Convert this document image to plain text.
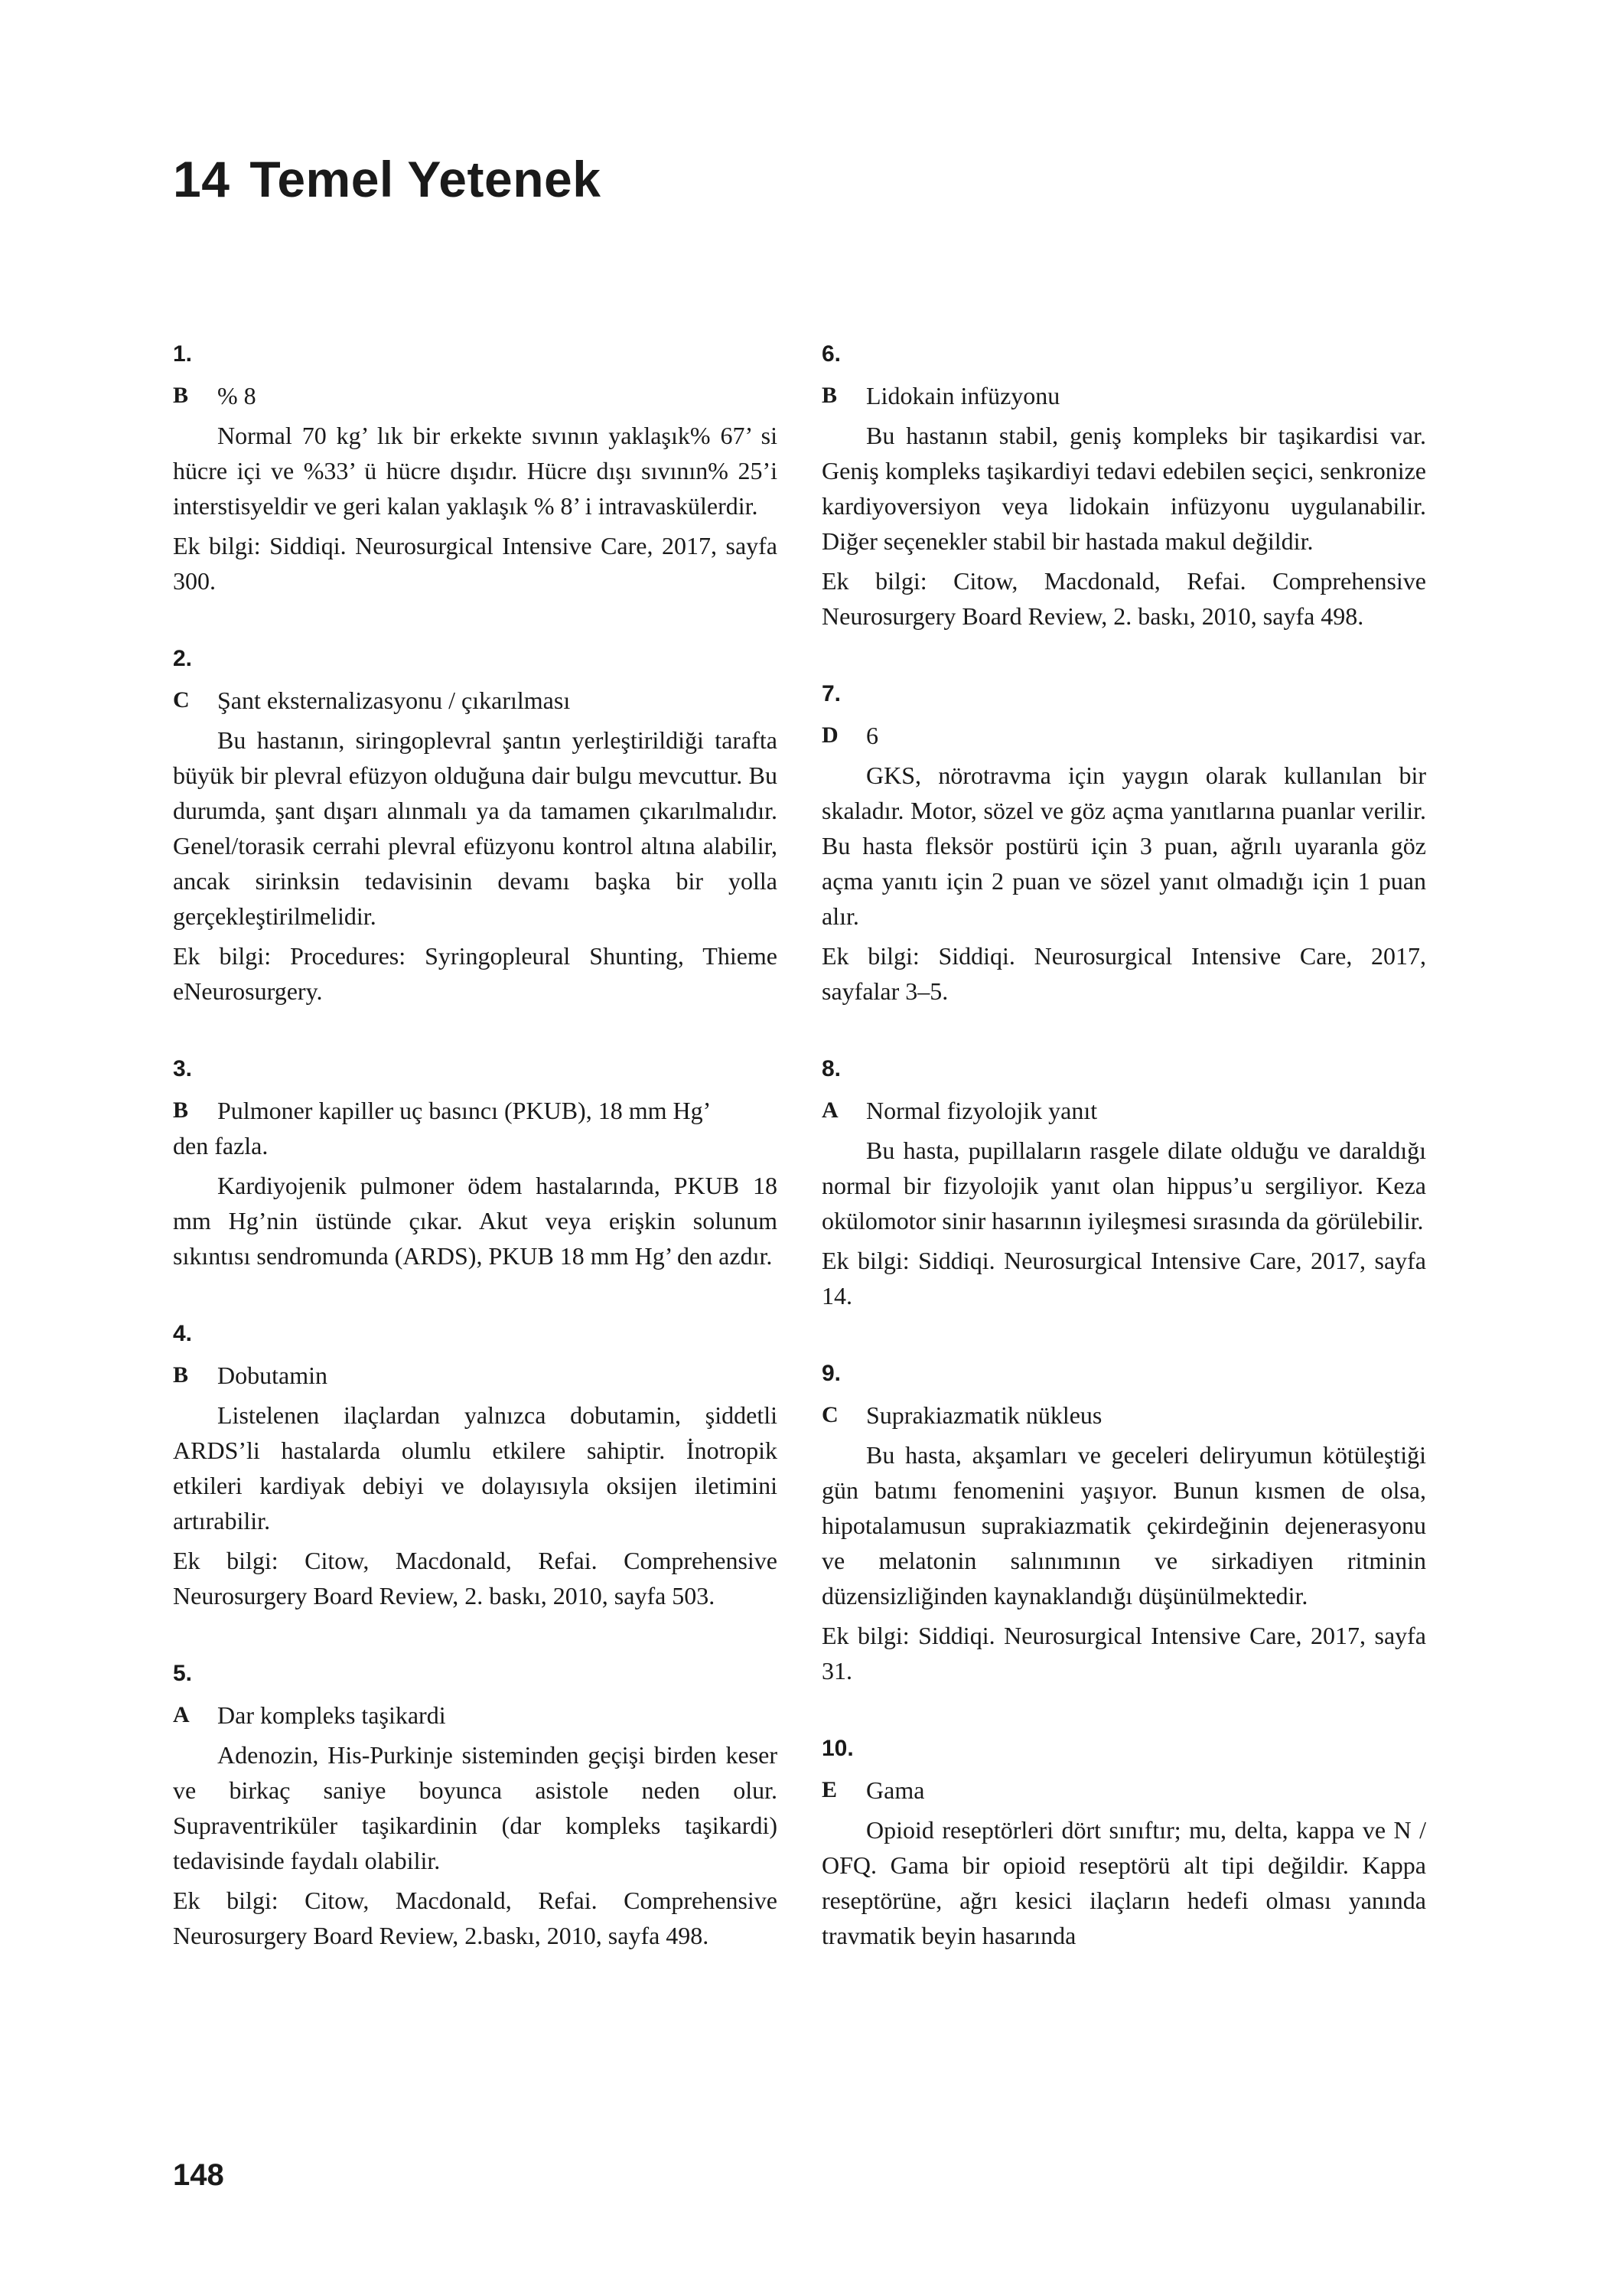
14 Temel Yetenek
1.
B % 8

Normal 70 kg’ lık bir erkekte sıvının yaklaşık% 67’ si hücre içi ve %33’ ü hücre dışıdır. Hücre dışı sıvının% 25’i interstisyeldir ve geri kalan yaklaşık % 8’ i intravaskülerdir.

Ek bilgi: Siddiqi. Neurosurgical Intensive Care, 2017, sayfa 300.

2.
C Şant eksternalizasyonu / çıkarılması

Bu hastanın, siringoplevral şantın yerleştirildiği tarafta büyük bir plevral efüzyon olduğuna dair bulgu mevcuttur. Bu durumda, şant dışarı alınmalı ya da tamamen çıkarılmalıdır. Genel/torasik cerrahi plevral efüzyonu kontrol altına alabilir, ancak sirinksin tedavisinin devamı başka bir yolla gerçekleştirilmelidir.

Ek bilgi: Procedures: Syringopleural Shunting, Thieme eNeurosurgery.

3.
B Pulmoner kapiller uç basıncı (PKUB), 18 mm Hg’
den fazla.

Kardiyojenik pulmoner ödem hastalarında, PKUB 18 mm Hg’nin üstünde çıkar. Akut veya erişkin solunum sıkıntısı sendromunda (ARDS), PKUB 18 mm Hg’ den azdır.

4.
B Dobutamin

Listelenen ilaçlardan yalnızca dobutamin, şiddetli ARDS’li hastalarda olumlu etkilere sahiptir. İnotropik etkileri kardiyak debiyi ve dolayısıyla oksijen iletimini artırabilir.

Ek bilgi: Citow, Macdonald, Refai. Comprehensive Neurosurgery Board Review, 2. baskı, 2010, sayfa 503.

5.
A Dar kompleks taşikardi

Adenozin, His-Purkinje sisteminden geçişi birden keser ve birkaç saniye boyunca asistole neden olur. Supraventriküler taşikardinin (dar kompleks taşikardi) tedavisinde faydalı olabilir.

Ek bilgi: Citow, Macdonald, Refai. Comprehensive Neurosurgery Board Review, 2.baskı, 2010, sayfa 498.

6.
B Lidokain infüzyonu

Bu hastanın stabil, geniş kompleks bir taşikardisi var. Geniş kompleks taşikardiyi tedavi edebilen seçici, senkronize kardiyoversiyon veya lidokain infüzyonu uygulanabilir. Diğer seçenekler stabil bir hastada makul değildir.

Ek bilgi: Citow, Macdonald, Refai. Comprehensive Neurosurgery Board Review, 2. baskı, 2010, sayfa 498.

7.
D 6

GKS, nörotravma için yaygın olarak kullanılan bir skaladır. Motor, sözel ve göz açma yanıtlarına puanlar verilir. Bu hasta fleksör postürü için 3 puan, ağrılı uyaranla göz açma yanıtı için 2 puan ve sözel yanıt olmadığı için 1 puan alır.

Ek bilgi: Siddiqi. Neurosurgical Intensive Care, 2017, sayfalar 3–5.

8.
A Normal fizyolojik yanıt

Bu hasta, pupillaların rasgele dilate olduğu ve daraldığı normal bir fizyolojik yanıt olan hippus’u sergiliyor. Keza okülomotor sinir hasarının iyileşmesi sırasında da görülebilir.

Ek bilgi: Siddiqi. Neurosurgical Intensive Care, 2017, sayfa 14.

9.
C Suprakiazmatik nükleus

Bu hasta, akşamları ve geceleri deliryumun kötüleştiği gün batımı fenomenini yaşıyor. Bunun kısmen de olsa, hipotalamusun suprakiazmatik çekirdeğinin dejenerasyonu ve melatonin salınımının ve sirkadiyen ritminin düzensizliğinden kaynaklandığı düşünülmektedir.

Ek bilgi: Siddiqi. Neurosurgical Intensive Care, 2017, sayfa 31.

10.
E Gama

Opioid reseptörleri dört sınıftır; mu, delta, kappa ve N / OFQ. Gama bir opioid reseptörü alt tipi değildir. Kappa reseptörüne, ağrı kesici ilaçların hedefi olması yanında travmatik beyin hasarında

148
